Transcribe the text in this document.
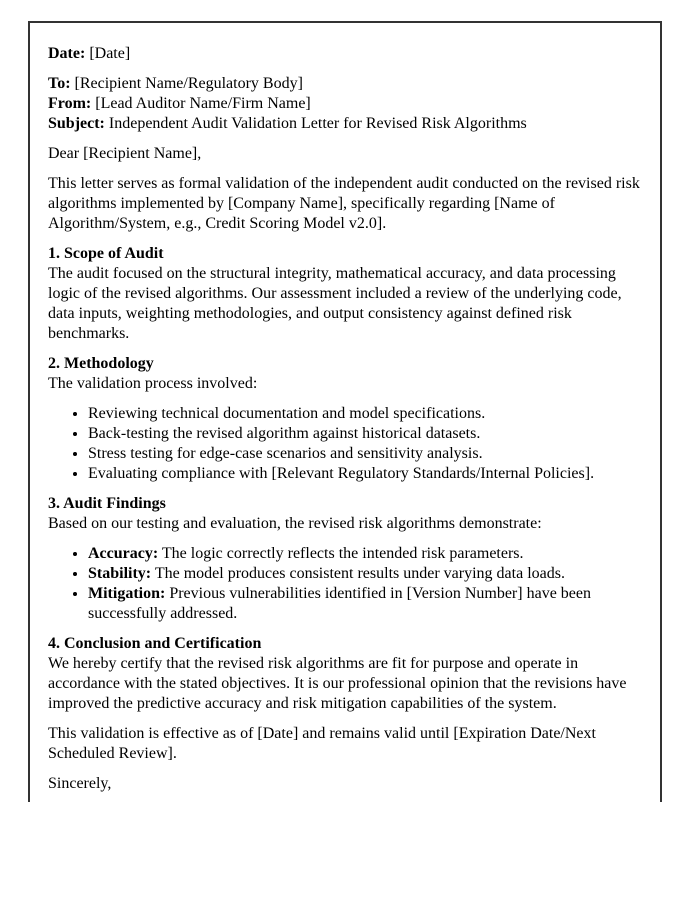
Date: [Date]

To: [Recipient Name/Regulatory Body]
From: [Lead Auditor Name/Firm Name]
Subject: Independent Audit Validation Letter for Revised Risk Algorithms

Dear [Recipient Name],

This letter serves as formal validation of the independent audit conducted on the revised risk algorithms implemented by [Company Name], specifically regarding [Name of Algorithm/System, e.g., Credit Scoring Model v2.0].

1. Scope of Audit
The audit focused on the structural integrity, mathematical accuracy, and data processing logic of the revised algorithms. Our assessment included a review of the underlying code, data inputs, weighting methodologies, and output consistency against defined risk benchmarks.

2. Methodology
The validation process involved:

• Reviewing technical documentation and model specifications.
• Back-testing the revised algorithm against historical datasets.
• Stress testing for edge-case scenarios and sensitivity analysis.
• Evaluating compliance with [Relevant Regulatory Standards/Internal Policies].

3. Audit Findings
Based on our testing and evaluation, the revised risk algorithms demonstrate:

• Accuracy: The logic correctly reflects the intended risk parameters.
• Stability: The model produces consistent results under varying data loads.
• Mitigation: Previous vulnerabilities identified in [Version Number] have been successfully addressed.

4. Conclusion and Certification
We hereby certify that the revised risk algorithms are fit for purpose and operate in accordance with the stated objectives. It is our professional opinion that the revisions have improved the predictive accuracy and risk mitigation capabilities of the system.

This validation is effective as of [Date] and remains valid until [Expiration Date/Next Scheduled Review].

Sincerely,
